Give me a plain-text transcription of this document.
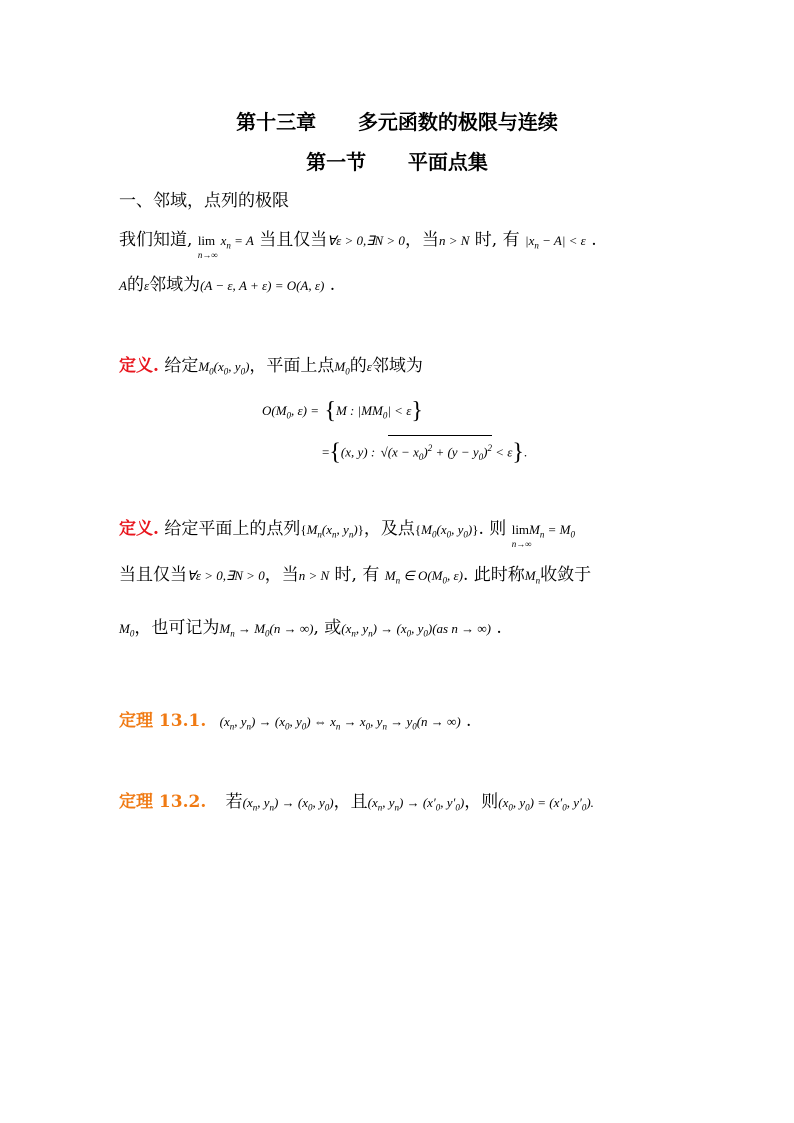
第十三章      多元函数的极限与连续
第一节      平面点集
一、邻域，点列的极限
我们知道, lim
n→∞
$x_n = A$ 当且仅当∀ε > 0,∃N > 0，当n > N 时, 有 $|x_n - A| < \varepsilon$ .
A的ε邻域为(A − ε, A + ε) = O(A, ε) .
定义. 给定$M_0(x_0$, $y_0$)，平面上点$M_0$的ε邻域为
$O(M_0$, ε) = {M : $|MM_0| < \varepsilon$}
={(x, y) : $√(x - x_0)^2 + (y - y_0)^2 < \varepsilon$}.
定义. 给定平面上的点列{$M_n(x_n$, $y_n$)}，及点{$M_0(x_0$, $y_0$)}. 则 lim
n→∞
$M_n = M_0$
当且仅当∀ε > 0,∃N > 0，当n > N 时, 有 $M_n$ ∈ $O(M_0$, ε). 此时称$M_n$收敛于
$M_0$，也可记为$M_n \to M_0(n$ → ∞), 或($x_n$, $y_n) \to (x_0$, $y_0)(as$ n → ∞) .
定理 13.1. ($x_n$, $y_n) \to (x_0$, $y_0$) ⇔ $x_n \to x_0$, $y_n \to y_0(n$ → ∞) .
定理 13.2. 若($x_n$, $y_n) \to (x_0$, $y_0$)，且($x_n$, $y_n) \to (x'_0$, $y'_0$)，则($x_0$, $y_0) = (x'_0$, $y'_0$).
